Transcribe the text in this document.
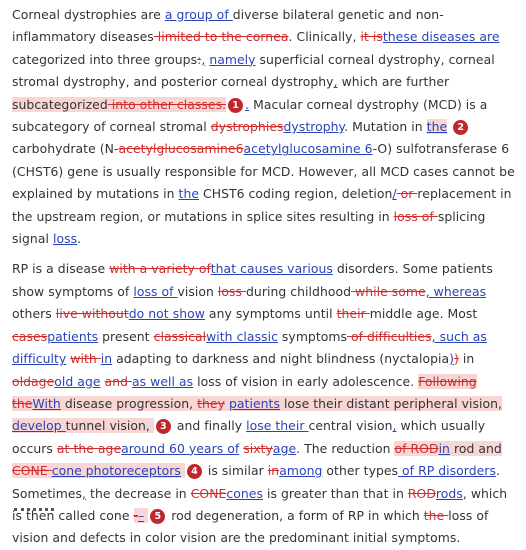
Corneal dystrophies are a group of diverse bilateral genetic and non-inflammatory diseases limited to the cornea. Clinically, it isthese diseases are categorized into three groups:, namely superficial corneal dystrophy, corneal stromal dystrophy, and posterior corneal dystrophy, which are further subcategorized into other classes. 1 . Macular corneal dystrophy (MCD) is a subcategory of corneal stromal dystrophiesdystrophy. Mutation in the 2 carbohydrate (N-acetylglucosamine6acetylglucosamine 6-O) sulfotransferase 6 (CHST6) gene is usually responsible for MCD. However, all MCD cases cannot be explained by mutations in the CHST6 coding region, deletion/ or replacement in the upstream region, or mutations in splice sites resulting in loss of splicing signal loss.

RP is a disease with a variety ofthat causes various disorders. Some patients show symptoms of loss of vision loss during childhood while some, whereas others live withoutdo not show any symptoms until their middle age. Most casespatients present classicalwith classic symptoms of difficulties, such as difficulty with in adapting to darkness and night blindness (nyctalopia)) in oldageold age and as well as loss of vision in early adolescence. Following theWith disease progression, they patients lose their distant peripheral vision, develop tunnel vision, 3 and finally lose their central vision, which usually occurs at the agearound 60 years of sixtyage. The reduction of RODin rod and CONE cone photoreceptors 4 is similar inamong other types of RP disorders. Sometimes, the decrease in CONEcones is greater than that in RODrods, which is then called cone -– 5 rod degeneration, a form of RP in which the loss of vision and defects in color vision are the predominant initial symptoms.
